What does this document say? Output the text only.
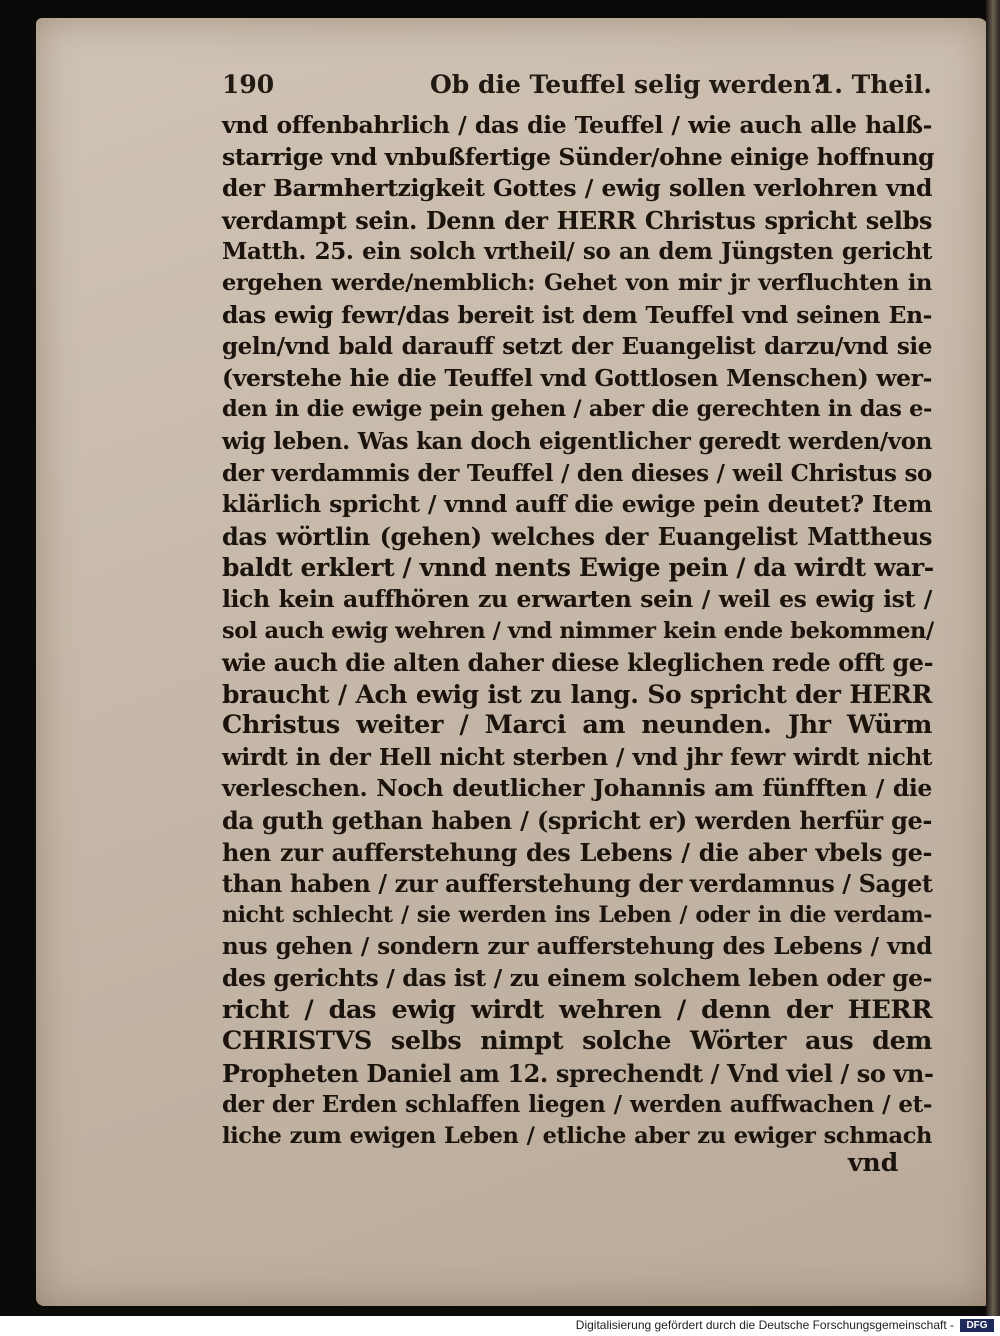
190	Ob die Teuffel selig werden?
1. Theil.
vnd offenbahrlich / das die Teuffel / wie auch alle halß-
starrige vnd vnbußfertige Sünder/ohne einige hoffnung
der Barmhertzigkeit Gottes / ewig sollen verlohren vnd
verdampt sein. Denn der HERR Christus spricht selbs
Matth. 25. ein solch vrtheil/ so an dem Jüngsten gericht
ergehen werde/nemblich: Gehet von mir jr verfluchten in
das ewig fewr/das bereit ist dem Teuffel vnd seinen En-
geln/vnd bald darauff setzt der Euangelist darzu/vnd sie
(verstehe hie die Teuffel vnd Gottlosen Menschen) wer-
den in die ewige pein gehen / aber die gerechten in das e-
wig leben. Was kan doch eigentlicher geredt werden/von
der verdammis der Teuffel / den dieses / weil Christus so
klärlich spricht / vnnd auff die ewige pein deutet? Item
das wörtlin (gehen) welches der Euangelist Mattheus
baldt erklert / vnnd nents Ewige pein / da wirdt war-
lich kein auffhören zu erwarten sein / weil es ewig ist /
sol auch ewig wehren / vnd nimmer kein ende bekommen/
wie auch die alten daher diese kleglichen rede offt ge-
braucht / Ach ewig ist zu lang. So spricht der HERR
Christus weiter / Marci am neunden. Jhr Würm
wirdt in der Hell nicht sterben / vnd jhr fewr wirdt nicht
verleschen. Noch deutlicher Johannis am fünfften / die
da guth gethan haben / (spricht er) werden herfür ge-
hen zur aufferstehung des Lebens / die aber vbels ge-
than haben / zur aufferstehung der verdamnus / Saget
nicht schlecht / sie werden ins Leben / oder in die verdam-
nus gehen / sondern zur aufferstehung des Lebens / vnd
des gerichts / das ist / zu einem solchem leben oder ge-
richt / das ewig wirdt wehren / denn der HERR
CHRISTVS selbs nimpt solche Wörter aus dem
Propheten Daniel am 12. sprechendt / Vnd viel / so vn-
der der Erden schlaffen liegen / werden auffwachen / et-
liche zum ewigen Leben / etliche aber zu ewiger schmach
vnd
Digitalisierung gefördert durch die Deutsche Forschungsgemeinschaft -	DFG
